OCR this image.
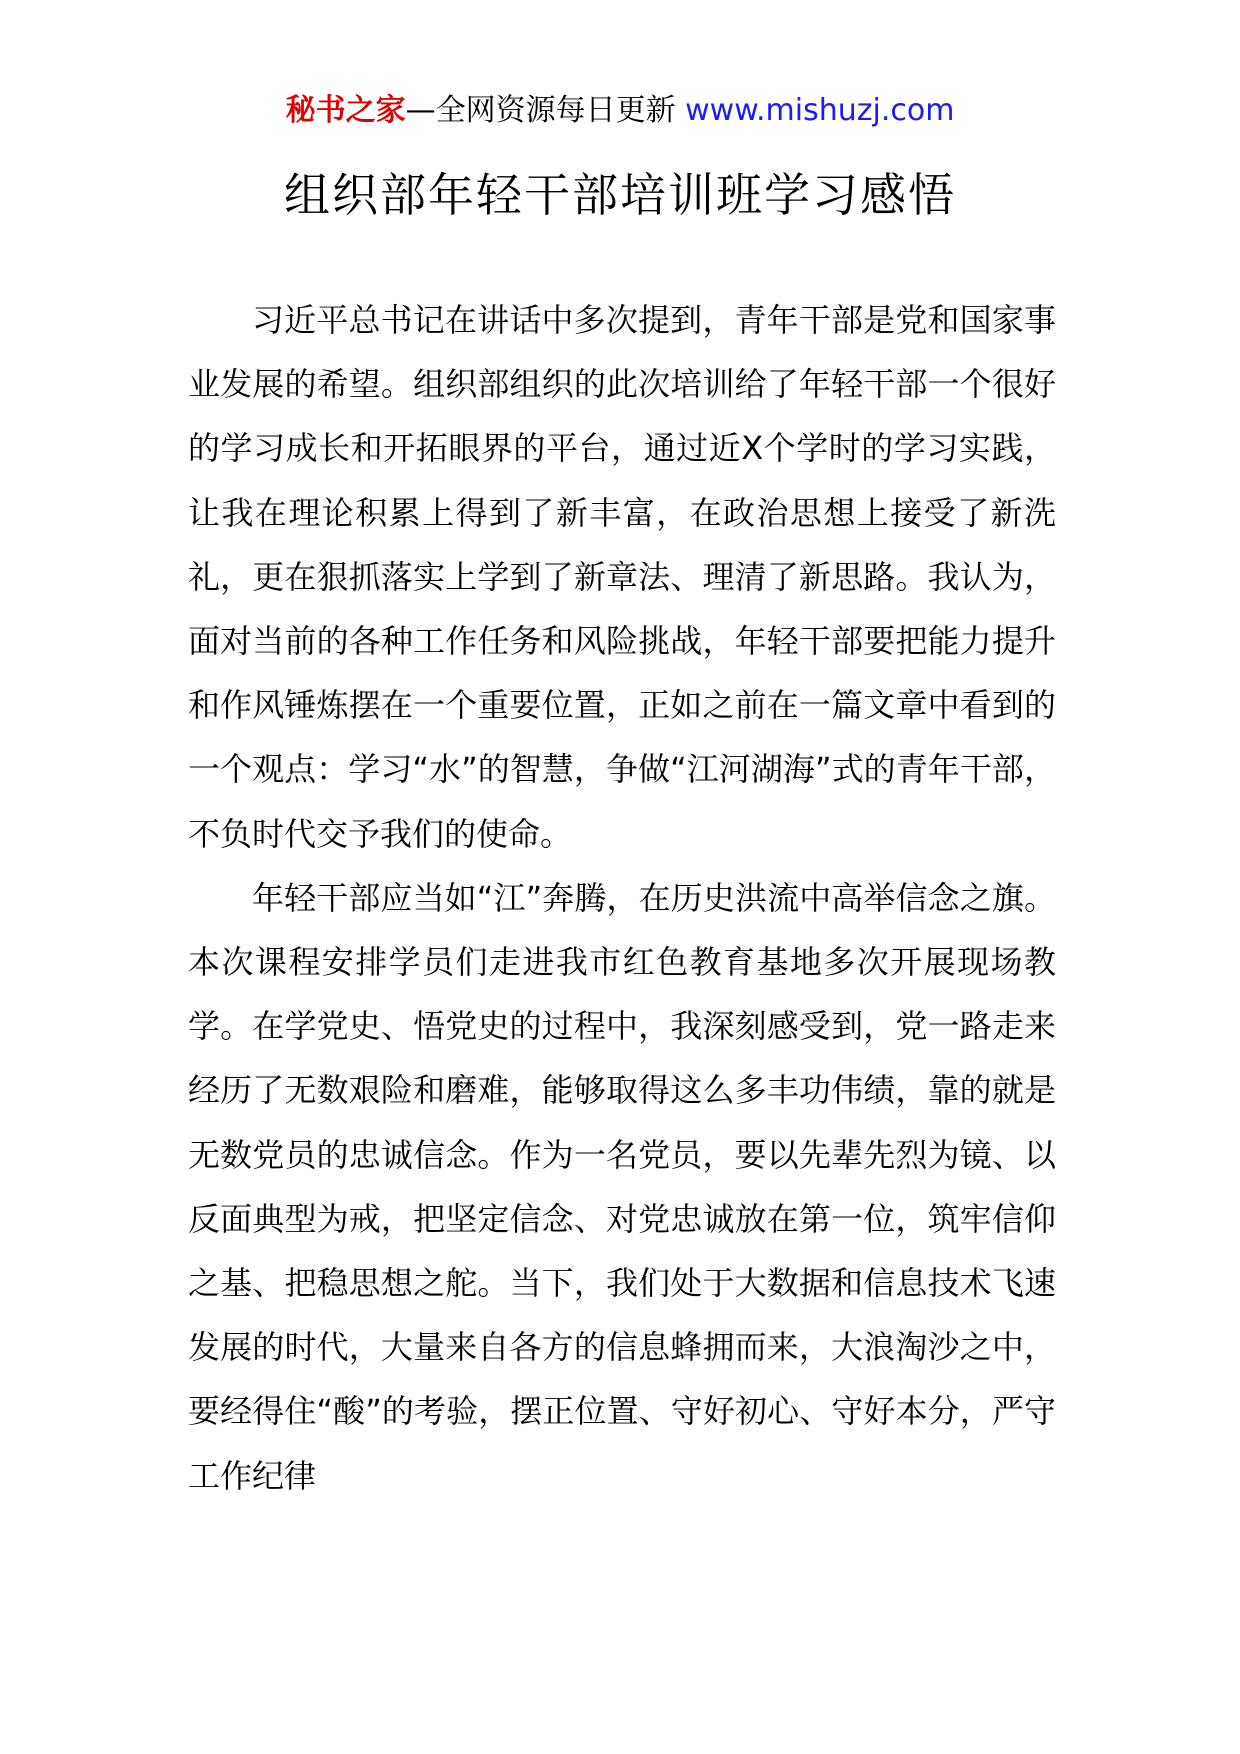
秘书之家—全网资源每日更新 www.mishuzj.com
组织部年轻干部培训班学习感悟

习近平总书记在讲话中多次提到，青年干部是党和国家事业发展的希望。组织部组织的此次培训给了年轻干部一个很好的学习成长和开拓眼界的平台，通过近X个学时的学习实践，让我在理论积累上得到了新丰富，在政治思想上接受了新洗礼，更在狠抓落实上学到了新章法、理清了新思路。我认为，面对当前的各种工作任务和风险挑战，年轻干部要把能力提升和作风锤炼摆在一个重要位置，正如之前在一篇文章中看到的一个观点：学习“水”的智慧，争做“江河湖海”式的青年干部，不负时代交予我们的使命。

年轻干部应当如“江”奔腾，在历史洪流中高举信念之旗。本次课程安排学员们走进我市红色教育基地多次开展现场教学。在学党史、悟党史的过程中，我深刻感受到，党一路走来经历了无数艰险和磨难，能够取得这么多丰功伟绩，靠的就是无数党员的忠诚信念。作为一名党员，要以先辈先烈为镜、以反面典型为戒，把坚定信念、对党忠诚放在第一位，筑牢信仰之基、把稳思想之舵。当下，我们处于大数据和信息技术飞速发展的时代，大量来自各方的信息蜂拥而来，大浪淘沙之中，要经得住“酸”的考验，摆正位置、守好初心、守好本分，严守工作纪律
